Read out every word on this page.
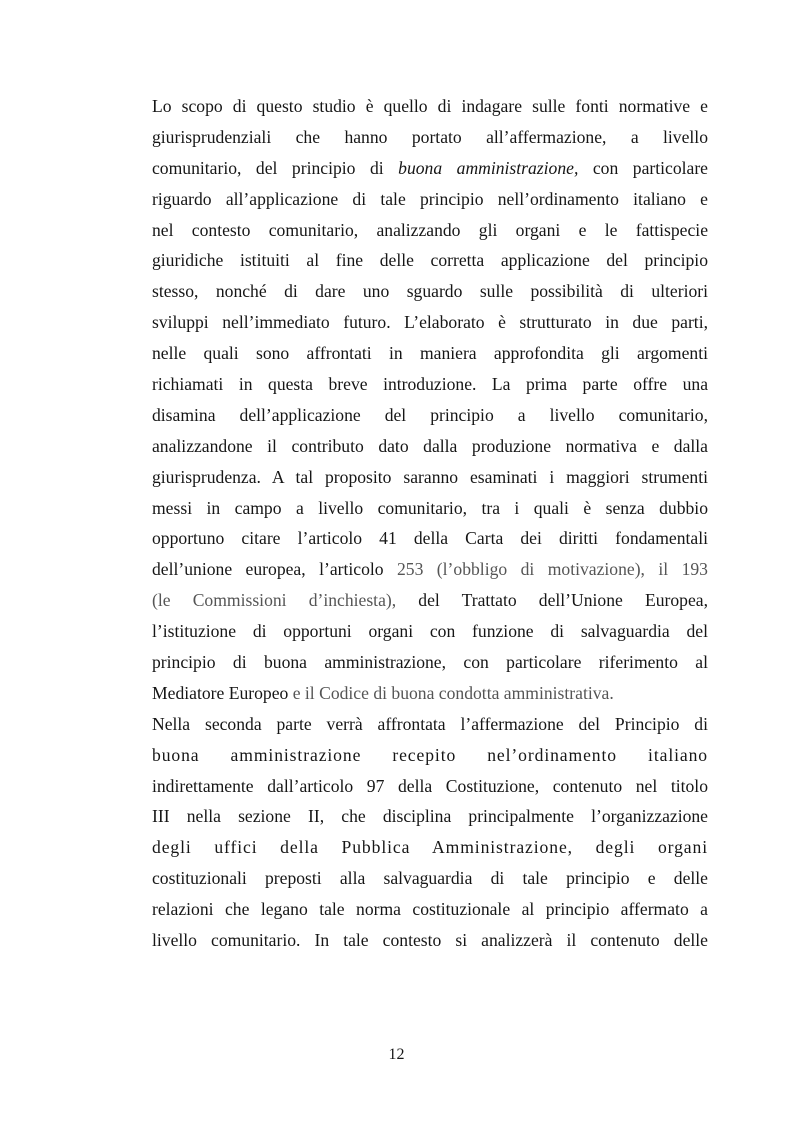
Lo scopo di questo studio è quello di indagare sulle fonti normative e
giurisprudenziali che hanno portato all’affermazione, a livello
comunitario, del principio di buona amministrazione, con particolare
riguardo all’applicazione di tale principio nell’ordinamento italiano e
nel contesto comunitario, analizzando gli organi e le fattispecie
giuridiche istituiti al fine delle corretta applicazione del principio
stesso, nonché di dare uno sguardo sulle possibilità di ulteriori
sviluppi nell’immediato futuro. L’elaborato è strutturato in due parti,
nelle quali sono affrontati in maniera approfondita gli argomenti
richiamati in questa breve introduzione. La prima parte offre una
disamina dell’applicazione del principio a livello comunitario,
analizzandone il contributo dato dalla produzione normativa e dalla
giurisprudenza. A tal proposito saranno esaminati i maggiori strumenti
messi in campo a livello comunitario, tra i quali è senza dubbio
opportuno citare l’articolo 41 della Carta dei diritti fondamentali
dell’unione europea, l’articolo 253 (l’obbligo di motivazione), il 193
(le Commissioni d’inchiesta), del Trattato dell’Unione Europea,
l’istituzione di opportuni organi con funzione di salvaguardia del
principio di buona amministrazione, con particolare riferimento al
Mediatore Europeo e il Codice di buona condotta amministrativa.
Nella seconda parte verrà affrontata l’affermazione del Principio di
buona amministrazione recepito nel’ordinamento italiano
indirettamente dall’articolo 97 della Costituzione, contenuto nel titolo
III nella sezione II, che disciplina principalmente l’organizzazione
degli uffici della Pubblica Amministrazione, degli organi
costituzionali preposti alla salvaguardia di tale principio e delle
relazioni che legano tale norma costituzionale al principio affermato a
livello comunitario. In tale contesto si analizzerà il contenuto delle
12
